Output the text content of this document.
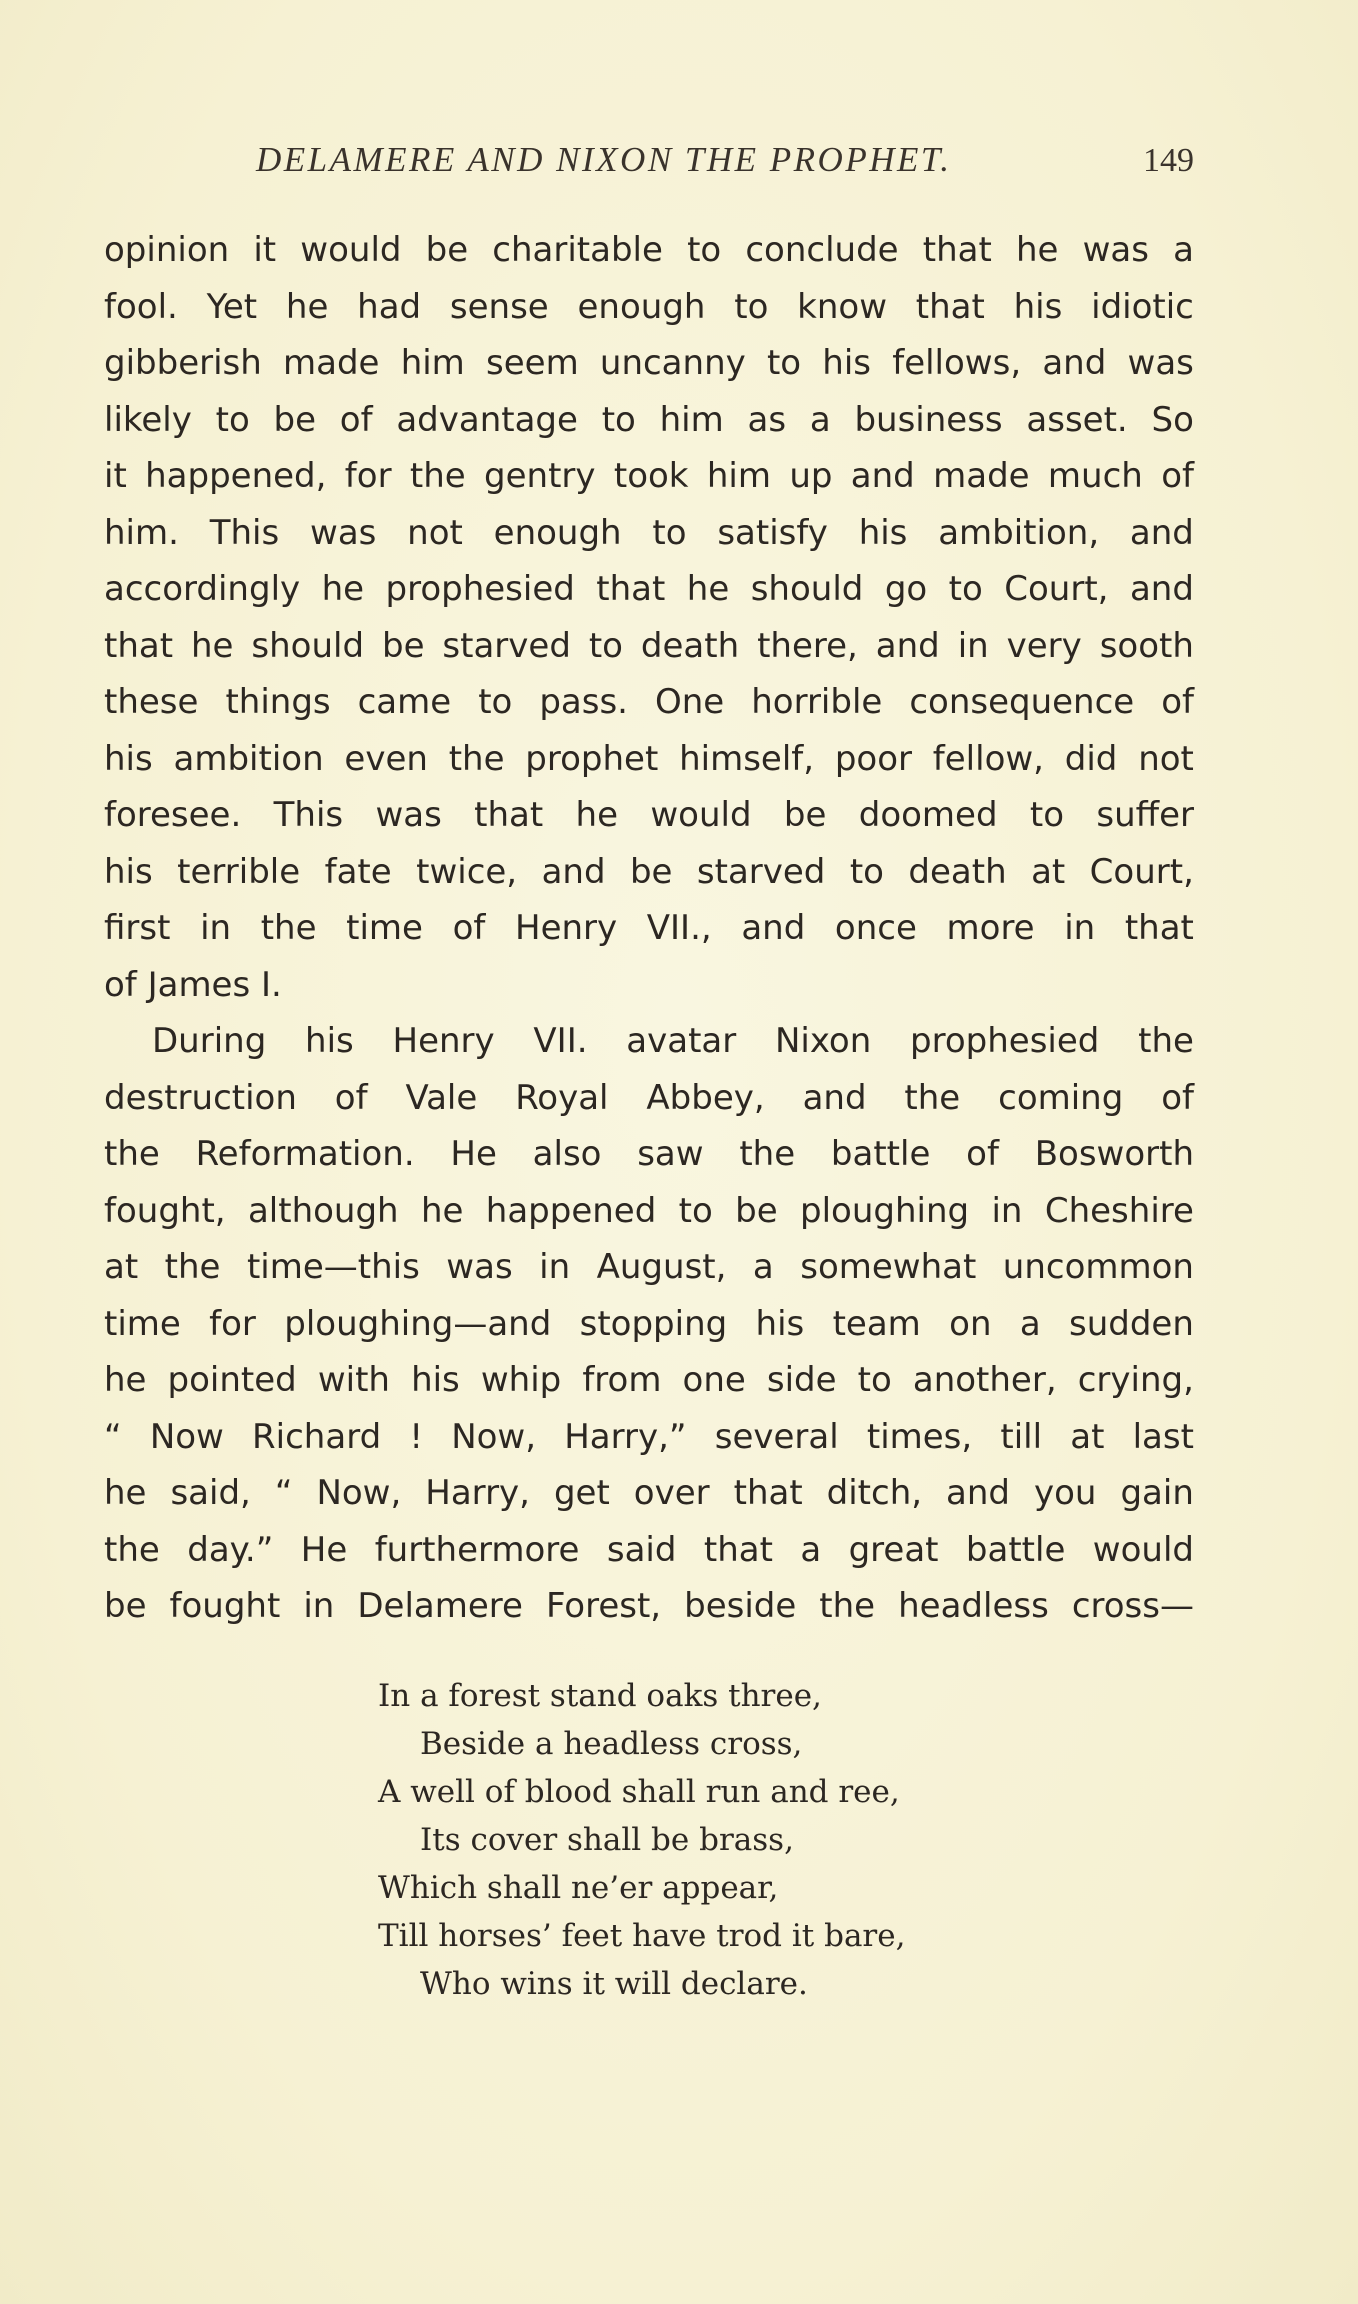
DELAMERE AND NIXON THE PROPHET.	149
opinion it would be charitable to conclude that he was a
fool. Yet he had sense enough to know that his idiotic
gibberish made him seem uncanny to his fellows, and was
likely to be of advantage to him as a business asset. So
it happened, for the gentry took him up and made much of
him. This was not enough to satisfy his ambition, and
accordingly he prophesied that he should go to Court, and
that he should be starved to death there, and in very sooth
these things came to pass. One horrible consequence of
his ambition even the prophet himself, poor fellow, did not
foresee. This was that he would be doomed to suffer
his terrible fate twice, and be starved to death at Court,
first in the time of Henry VII., and once more in that
of James I.
During his Henry VII. avatar Nixon prophesied the
destruction of Vale Royal Abbey, and the coming of
the Reformation. He also saw the battle of Bosworth
fought, although he happened to be ploughing in Cheshire
at the time—this was in August, a somewhat uncommon
time for ploughing—and stopping his team on a sudden
he pointed with his whip from one side to another, crying,
“ Now Richard ! Now, Harry,” several times, till at last
he said, “ Now, Harry, get over that ditch, and you gain
the day.” He furthermore said that a great battle would
be fought in Delamere Forest, beside the headless cross—
In a forest stand oaks three,
Beside a headless cross,
A well of blood shall run and ree,
Its cover shall be brass,
Which shall ne’er appear,
Till horses’ feet have trod it bare,
Who wins it will declare.
